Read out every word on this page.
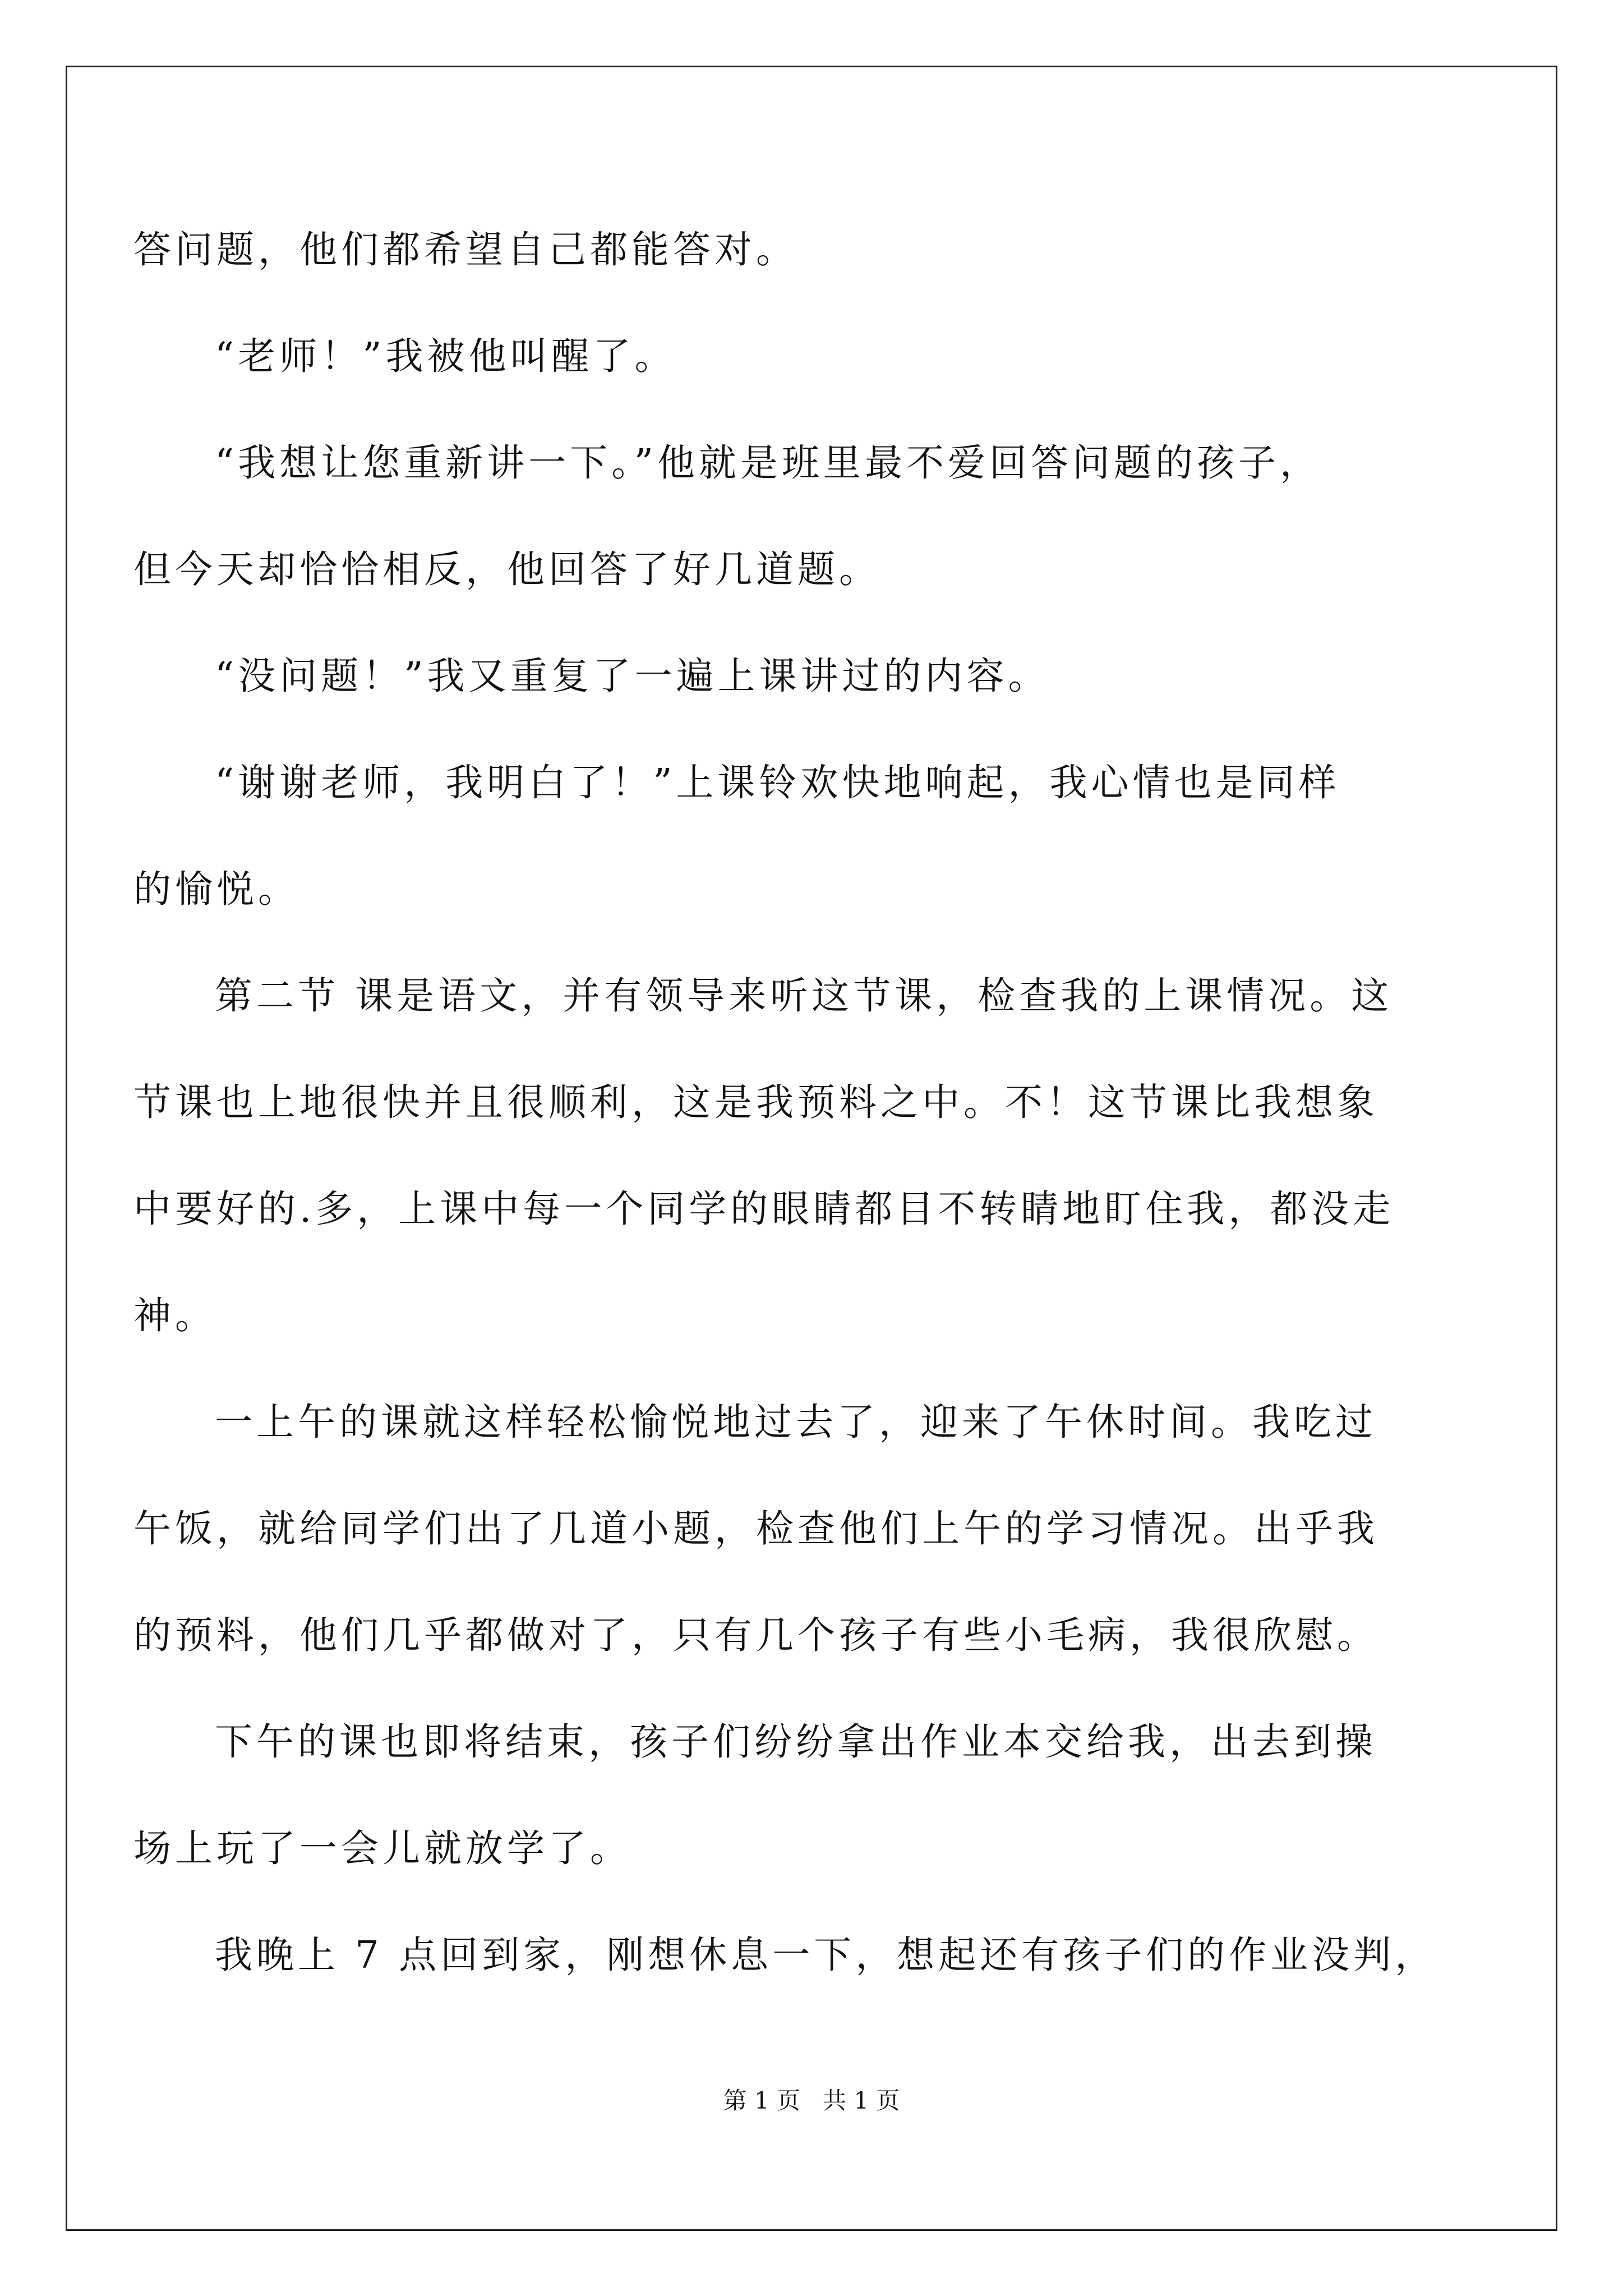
答问题，他们都希望自己都能答对。
“老师！”我被他叫醒了。
“我想让您重新讲一下。”他就是班里最不爱回答问题的孩子，
但今天却恰恰相反，他回答了好几道题。
“没问题！”我又重复了一遍上课讲过的内容。
“谢谢老师，我明白了！”上课铃欢快地响起，我心情也是同样
的愉悦。
第二节 课是语文，并有领导来听这节课，检查我的上课情况。这
节课也上地很快并且很顺利，这是我预料之中。不！这节课比我想象
中要好的.多，上课中每一个同学的眼睛都目不转睛地盯住我，都没走
神。
一上午的课就这样轻松愉悦地过去了，迎来了午休时间。我吃过
午饭，就给同学们出了几道小题，检查他们上午的学习情况。出乎我
的预料，他们几乎都做对了，只有几个孩子有些小毛病，我很欣慰。
下午的课也即将结束，孩子们纷纷拿出作业本交给我，出去到操
场上玩了一会儿就放学了。
我晚上 7 点回到家，刚想休息一下，想起还有孩子们的作业没判，
第 1 页 共 1 页
